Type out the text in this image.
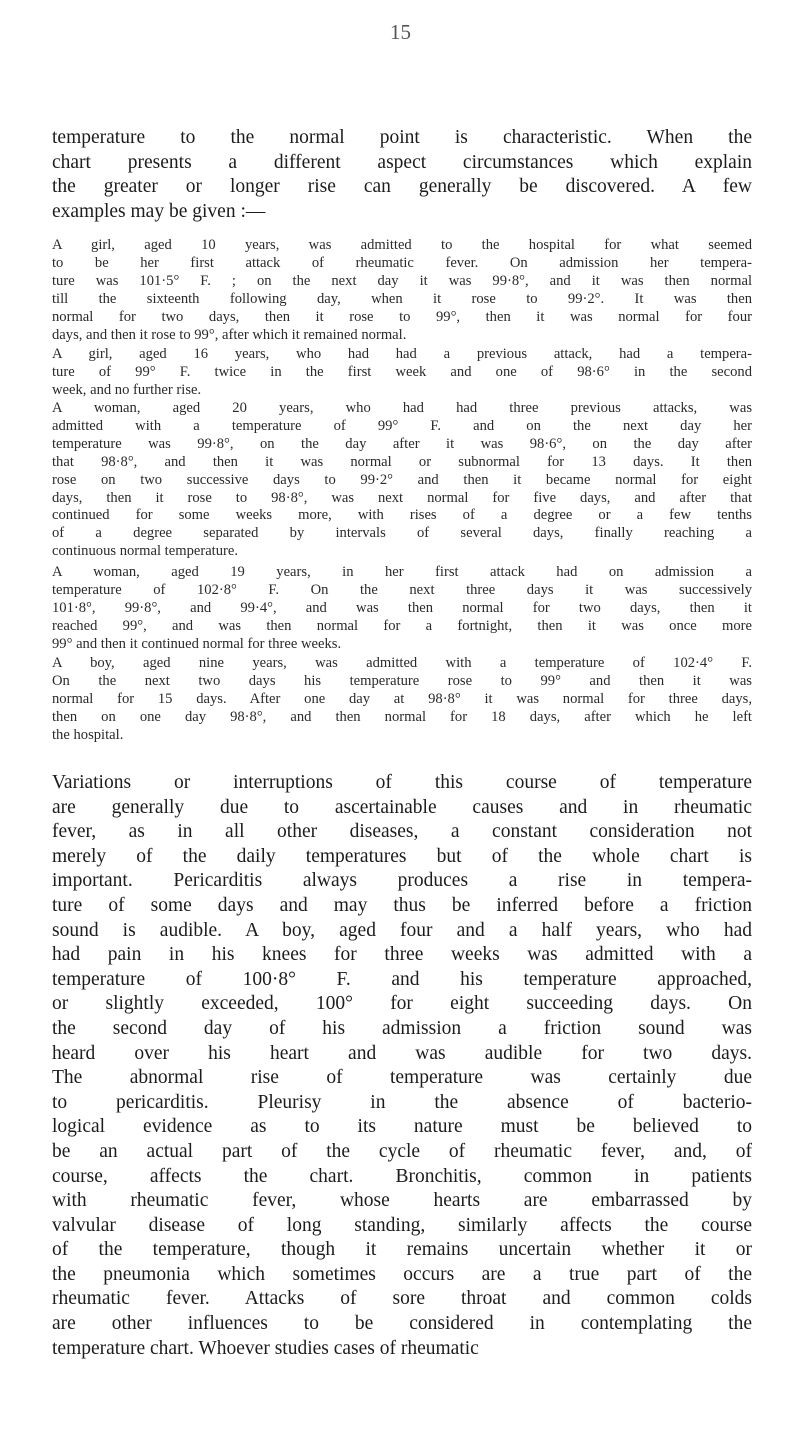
15

temperature to the normal point is characteristic. When the
chart presents a different aspect circumstances which explain
the greater or longer rise can generally be discovered. A few
examples may be given :—

A girl, aged 10 years, was admitted to the hospital for what seemed
to be her first attack of rheumatic fever. On admission her tempera-
ture was 101·5° F. ; on the next day it was 99·8°, and it was then normal
till the sixteenth following day, when it rose to 99·2°. It was then
normal for two days, then it rose to 99°, then it was normal for four
days, and then it rose to 99°, after which it remained normal.

A girl, aged 16 years, who had had a previous attack, had a tempera-
ture of 99° F. twice in the first week and one of 98·6° in the second
week, and no further rise.

A woman, aged 20 years, who had had three previous attacks, was
admitted with a temperature of 99° F. and on the next day her
temperature was 99·8°, on the day after it was 98·6°, on the day after
that 98·8°, and then it was normal or subnormal for 13 days. It then
rose on two successive days to 99·2° and then it became normal for eight
days, then it rose to 98·8°, was next normal for five days, and after that
continued for some weeks more, with rises of a degree or a few tenths
of a degree separated by intervals of several days, finally reaching a
continuous normal temperature.

A woman, aged 19 years, in her first attack had on admission a
temperature of 102·8° F. On the next three days it was successively
101·8°, 99·8°, and 99·4°, and was then normal for two days, then it
reached 99°, and was then normal for a fortnight, then it was once more
99° and then it continued normal for three weeks.

A boy, aged nine years, was admitted with a temperature of 102·4° F.
On the next two days his temperature rose to 99° and then it was
normal for 15 days. After one day at 98·8° it was normal for three days,
then on one day 98·8°, and then normal for 18 days, after which he left
the hospital.

Variations or interruptions of this course of temperature
are generally due to ascertainable causes and in rheumatic
fever, as in all other diseases, a constant consideration not
merely of the daily temperatures but of the whole chart is
important. Pericarditis always produces a rise in tempera-
ture of some days and may thus be inferred before a friction
sound is audible. A boy, aged four and a half years, who had
had pain in his knees for three weeks was admitted with a
temperature of 100·8° F. and his temperature approached,
or slightly exceeded, 100° for eight succeeding days. On
the second day of his admission a friction sound was
heard over his heart and was audible for two days.
The abnormal rise of temperature was certainly due
to pericarditis. Pleurisy in the absence of bacterio-
logical evidence as to its nature must be believed to
be an actual part of the cycle of rheumatic fever, and, of
course, affects the chart. Bronchitis, common in patients
with rheumatic fever, whose hearts are embarrassed by
valvular disease of long standing, similarly affects the course
of the temperature, though it remains uncertain whether it or
the pneumonia which sometimes occurs are a true part of the
rheumatic fever. Attacks of sore throat and common colds
are other influences to be considered in contemplating the
temperature chart. Whoever studies cases of rheumatic
